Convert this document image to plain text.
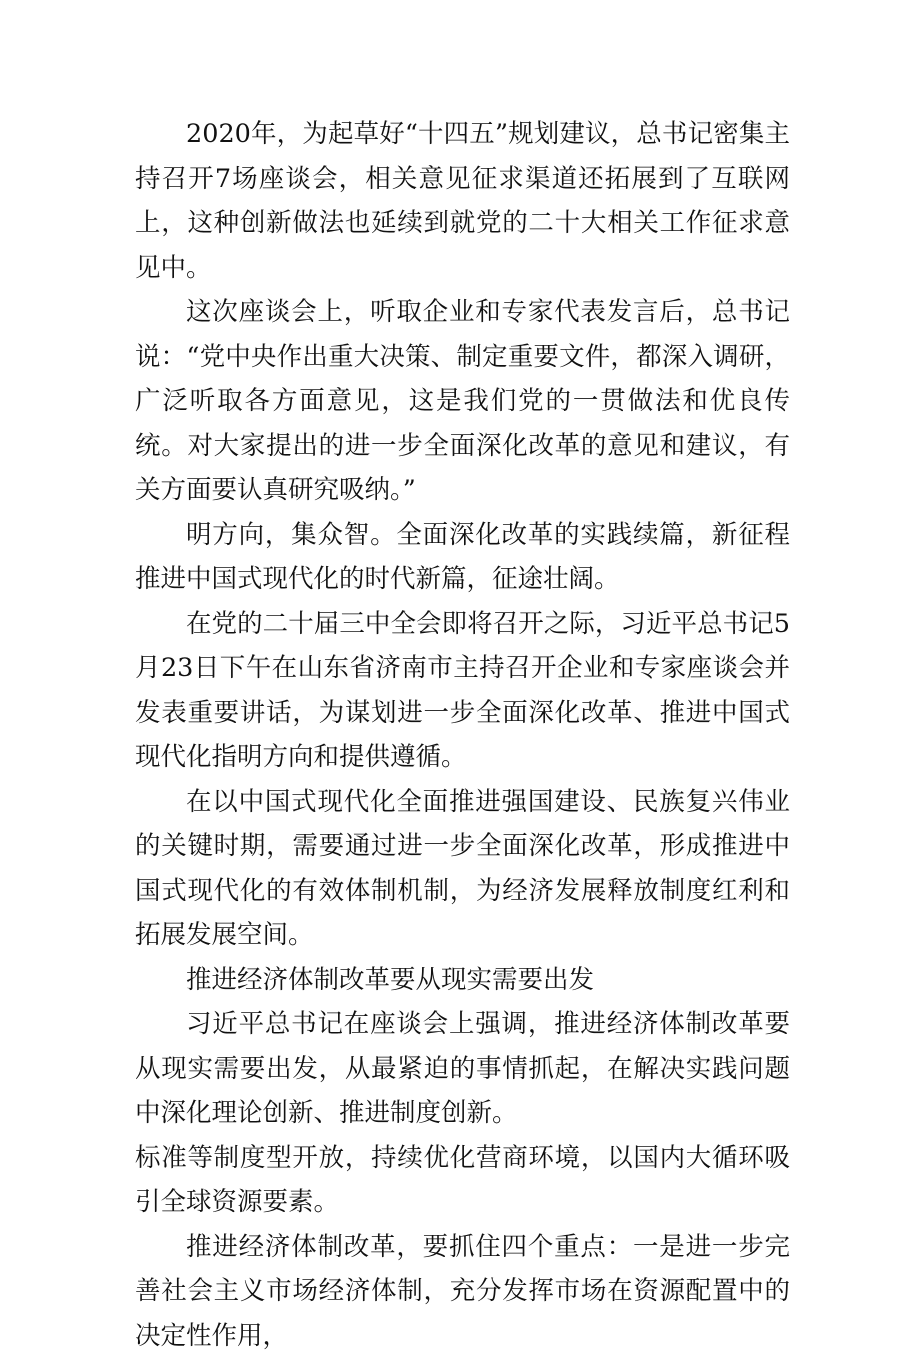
2020年，为起草好“十四五”规划建议，总书记密集主持召开7场座谈会，相关意见征求渠道还拓展到了互联网上，这种创新做法也延续到就党的二十大相关工作征求意见中。

这次座谈会上，听取企业和专家代表发言后，总书记说：“党中央作出重大决策、制定重要文件，都深入调研，广泛听取各方面意见，这是我们党的一贯做法和优良传统。对大家提出的进一步全面深化改革的意见和建议，有关方面要认真研究吸纳。”

明方向，集众智。全面深化改革的实践续篇，新征程推进中国式现代化的时代新篇，征途壮阔。

在党的二十届三中全会即将召开之际，习近平总书记5月23日下午在山东省济南市主持召开企业和专家座谈会并发表重要讲话，为谋划进一步全面深化改革、推进中国式现代化指明方向和提供遵循。

在以中国式现代化全面推进强国建设、民族复兴伟业的关键时期，需要通过进一步全面深化改革，形成推进中国式现代化的有效体制机制，为经济发展释放制度红利和拓展发展空间。

推进经济体制改革要从现实需要出发

习近平总书记在座谈会上强调，推进经济体制改革要从现实需要出发，从最紧迫的事情抓起，在解决实践问题中深化理论创新、推进制度创新。

标准等制度型开放，持续优化营商环境，以国内大循环吸引全球资源要素。

推进经济体制改革，要抓住四个重点：一是进一步完善社会主义市场经济体制，充分发挥市场在资源配置中的决定性作用，
